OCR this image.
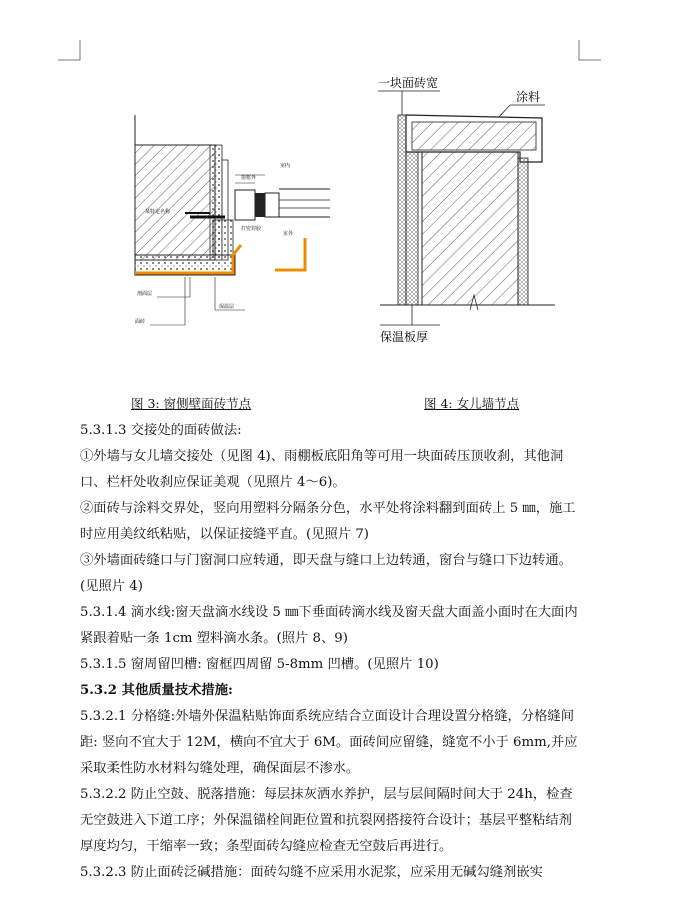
室内
窗框外
某特定名称
打密封胶
室外
剖面层
保温层
面砖
一块面砖宽
涂料
保温板厚
图 3: 窗侧壁面砖节点	图 4: 女儿墙节点

5.3.1.3 交接处的面砖做法:

①外墙与女儿墙交接处（见图 4)、雨棚板底阳角等可用一块面砖压顶收刹，其他洞口、栏杆处收刹应保证美观（见照片 4～6)。

②面砖与涂料交界处，竖向用塑料分隔条分色，水平处将涂料翻到面砖上 5 ㎜，施工时应用美纹纸粘贴，以保证接缝平直。(见照片 7)

③外墙面砖缝口与门窗洞口应转通，即天盘与缝口上边转通，窗台与缝口下边转通。(见照片 4)

5.3.1.4 滴水线:窗天盘滴水线设 5 ㎜下垂面砖滴水线及窗天盘大面盖小面时在大面内紧跟着贴一条 1cm 塑料滴水条。(照片 8、9)

5.3.1.5 窗周留凹槽: 窗框四周留 5-8mm 凹槽。(见照片 10)

5.3.2 其他质量技术措施:

5.3.2.1 分格缝:外墙外保温粘贴饰面系统应结合立面设计合理设置分格缝，分格缝间距: 竖向不宜大于 12M，横向不宜大于 6M。面砖间应留缝，缝宽不小于 6mm,并应采取柔性防水材料勾缝处理，确保面层不渗水。

5.3.2.2 防止空鼓、脱落措施：每层抹灰洒水养护，层与层间隔时间大于 24h，检查无空鼓进入下道工序；外保温锚栓间距位置和抗裂网搭接符合设计；基层平整粘结剂厚度均匀，干缩率一致；条型面砖勾缝应检查无空鼓后再进行。

5.3.2.3 防止面砖泛碱措施：面砖勾缝不应采用水泥浆，应采用无碱勾缝剂嵌实
